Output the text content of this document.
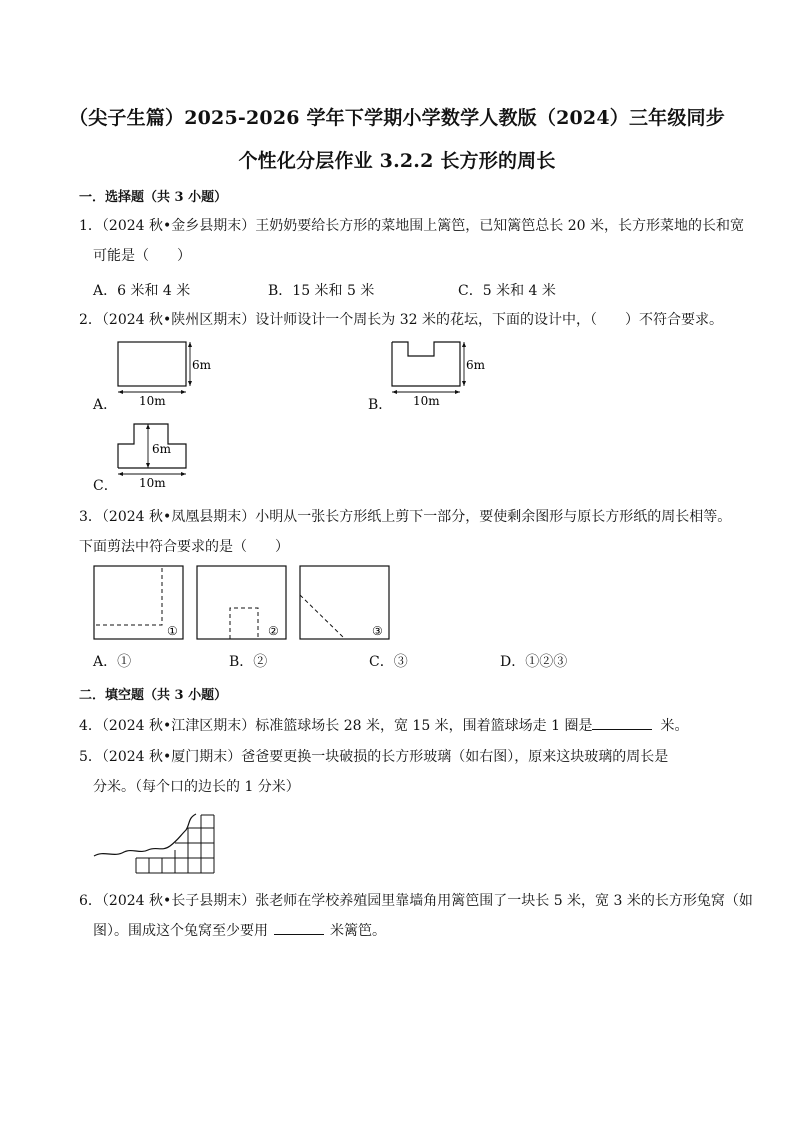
（尖子生篇）2025-2026 学年下学期小学数学人教版（2024）三年级同步
个性化分层作业 3.2.2 长方形的周长
一．选择题（共 3 小题）
1．（2024 秋•金乡县期末）王奶奶要给长方形的菜地围上篱笆，已知篱笆总长 20 米，长方形菜地的长和宽
可能是（　　）
A．6 米和 4 米	B．15 米和 5 米	C．5 米和 4 米
2．（2024 秋•陕州区期末）设计师设计一个周长为 32 米的花坛，下面的设计中，（　　）不符合要求。
A．
6m
10m	B．
6m
10m
C．
6m
10m
3．（2024 秋•凤凰县期末）小明从一张长方形纸上剪下一部分，要使剩余图形与原长方形纸的周长相等。
下面剪法中符合要求的是（　　）
①	②	③
A．①	B．②	C．③	D．①②③
二．填空题（共 3 小题）
4．（2024 秋•江津区期末）标准篮球场长 28 米，宽 15 米，围着篮球场走 1 圈是	米。
5．（2024 秋•厦门期末）爸爸要更换一块破损的长方形玻璃（如右图），原来这块玻璃的周长是
分米。（每个口的边长的 1 分米）
6．（2024 秋•长子县期末）张老师在学校养殖园里靠墙角用篱笆围了一块长 5 米，宽 3 米的长方形兔窝（如
图）。围成这个兔窝至少要用	米篱笆。
